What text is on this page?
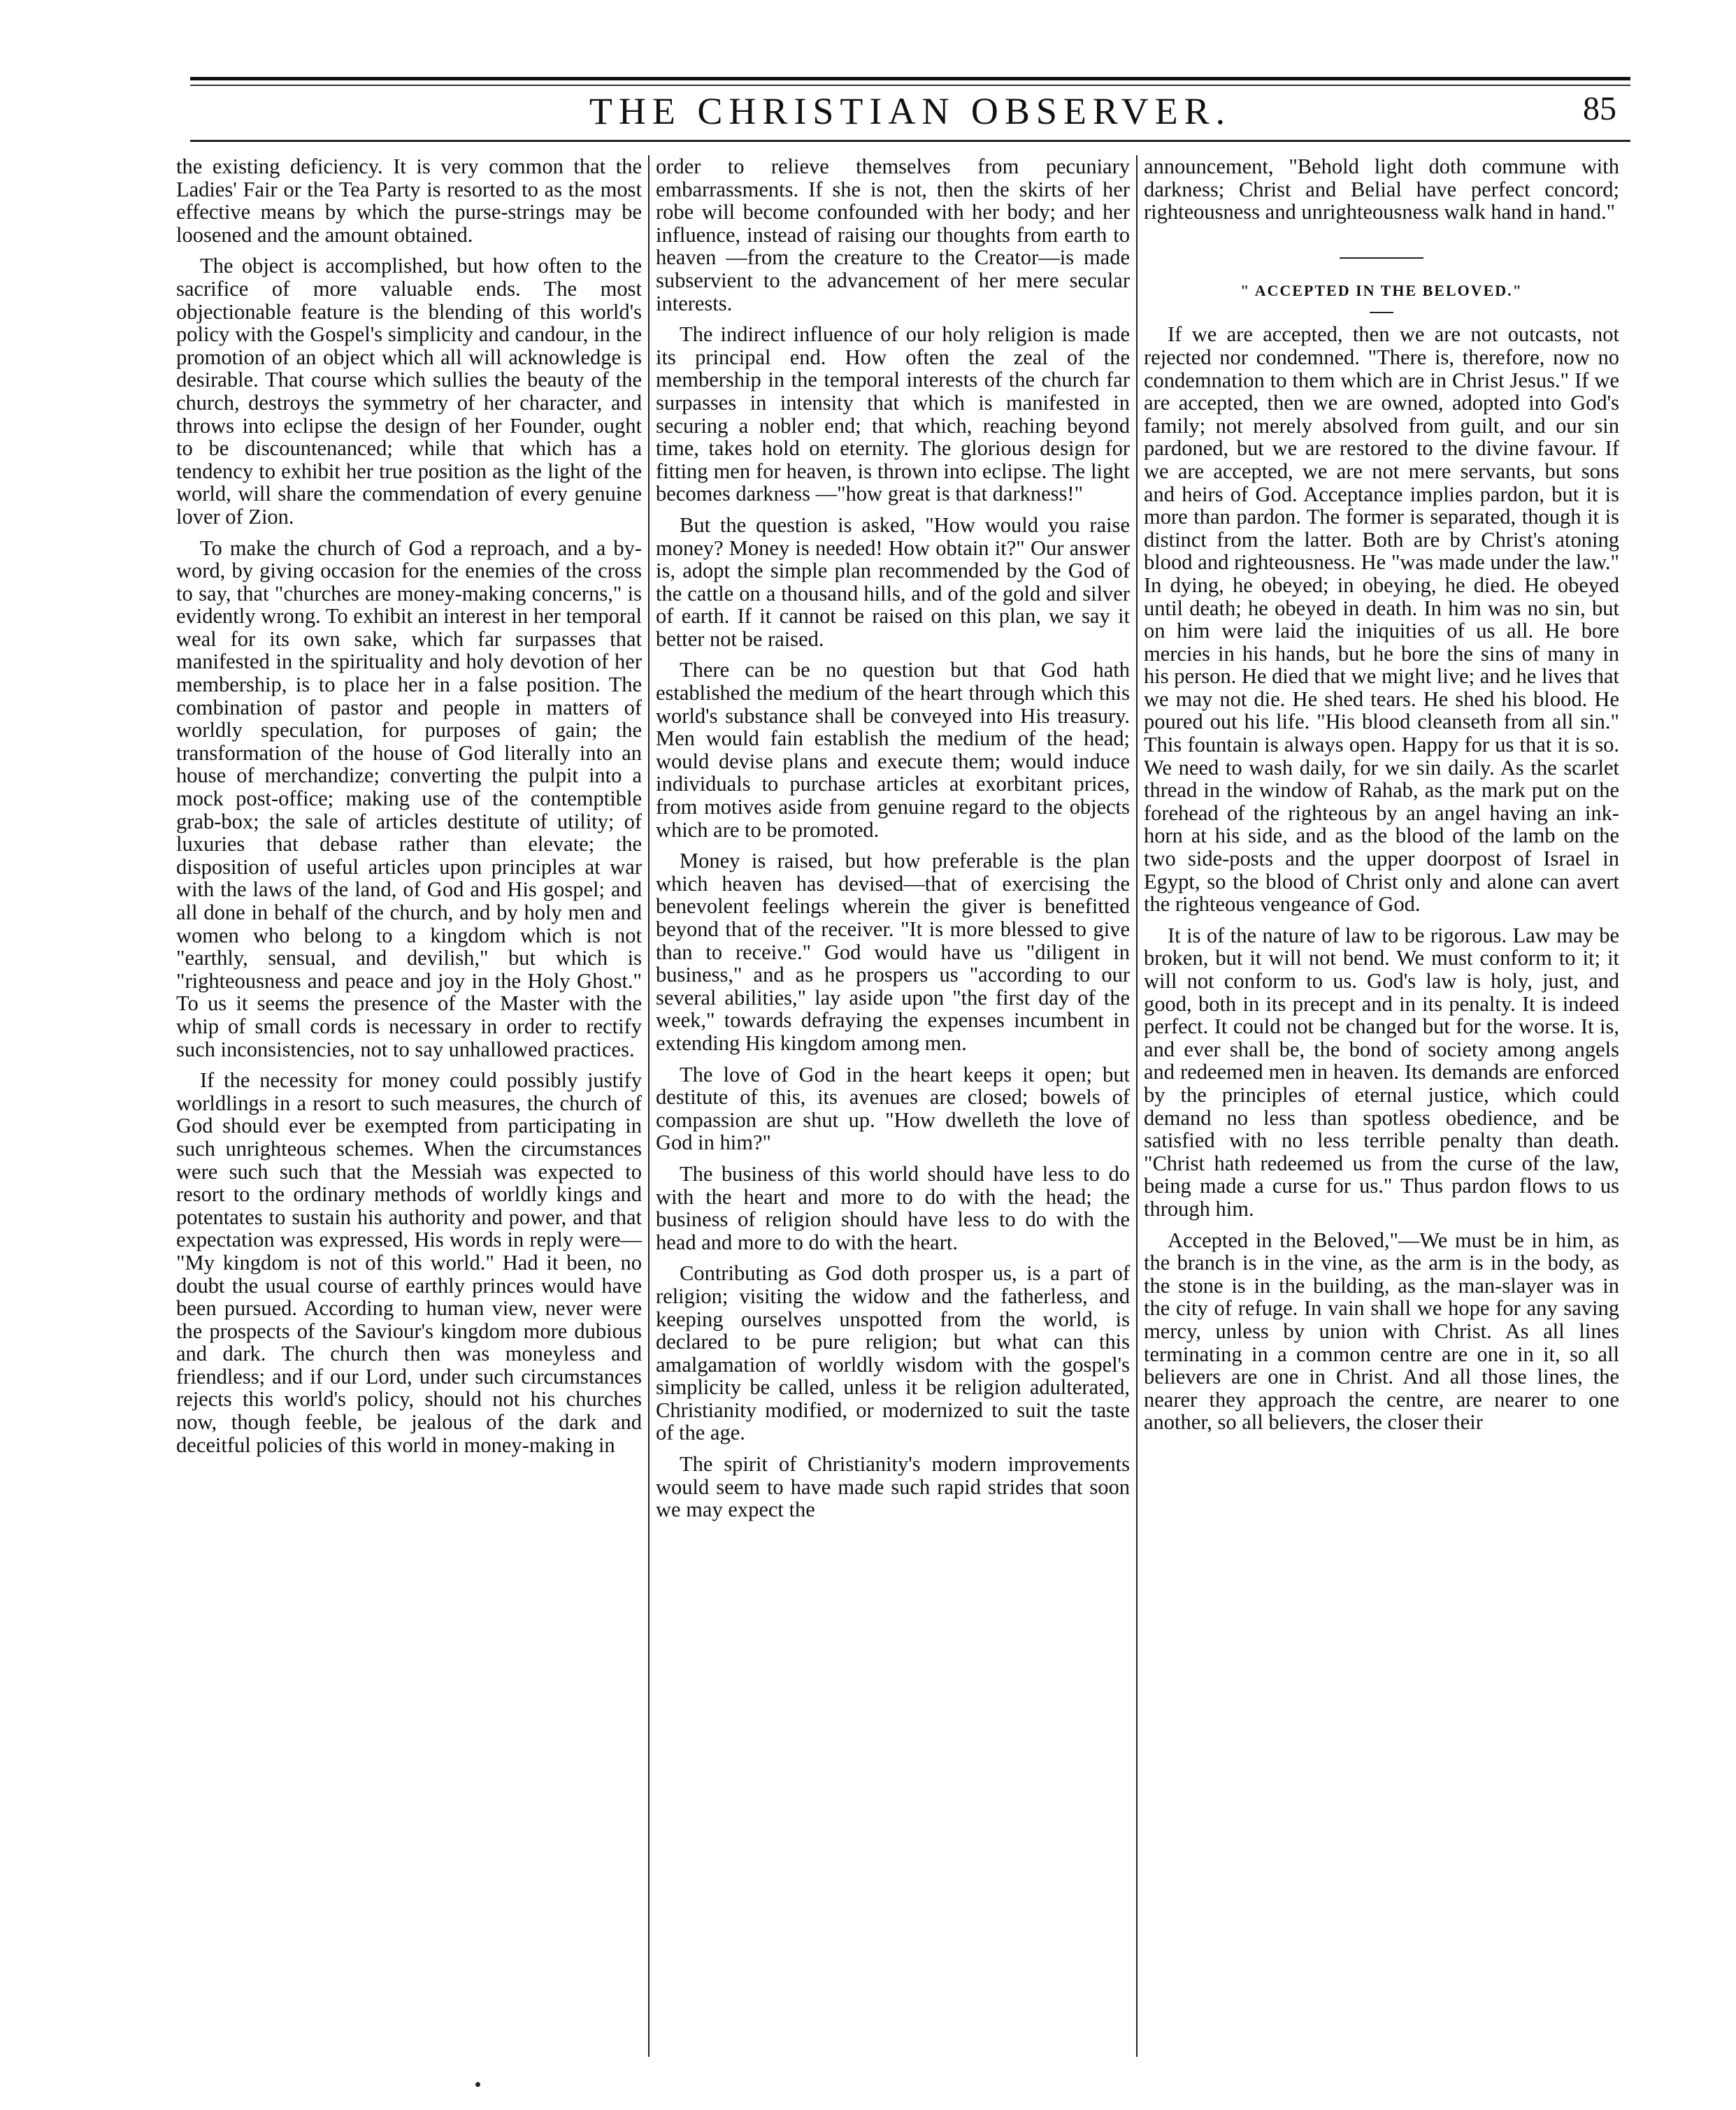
THE CHRISTIAN OBSERVER.	85

the existing deficiency. It is very common that the Ladies' Fair or the Tea Party is resorted to as the most effective means by which the purse-strings may be loosened and the amount obtained.

The object is accomplished, but how often to the sacrifice of more valuable ends. The most objectionable feature is the blending of this world's policy with the Gospel's simplicity and candour, in the promotion of an object which all will acknowledge is desirable. That course which sullies the beauty of the church, destroys the symmetry of her character, and throws into eclipse the design of her Founder, ought to be discountenanced; while that which has a tendency to exhibit her true position as the light of the world, will share the commendation of every genuine lover of Zion.

To make the church of God a reproach, and a by-word, by giving occasion for the enemies of the cross to say, that "churches are money-making concerns," is evidently wrong. To exhibit an interest in her temporal weal for its own sake, which far surpasses that manifested in the spirituality and holy devotion of her membership, is to place her in a false position. The combination of pastor and people in matters of worldly speculation, for purposes of gain; the transformation of the house of God literally into an house of merchandize; converting the pulpit into a mock post-office; making use of the contemptible grab-box; the sale of articles destitute of utility; of luxuries that debase rather than elevate; the disposition of useful articles upon principles at war with the laws of the land, of God and His gospel; and all done in behalf of the church, and by holy men and women who belong to a kingdom which is not "earthly, sensual, and devilish," but which is "righteousness and peace and joy in the Holy Ghost." To us it seems the presence of the Master with the whip of small cords is necessary in order to rectify such inconsistencies, not to say unhallowed practices.

If the necessity for money could possibly justify worldlings in a resort to such measures, the church of God should ever be exempted from participating in such unrighteous schemes. When the circumstances were such such that the Messiah was expected to resort to the ordinary methods of worldly kings and potentates to sustain his authority and power, and that expectation was expressed, His words in reply were— "My kingdom is not of this world." Had it been, no doubt the usual course of earthly princes would have been pursued. According to human view, never were the prospects of the Saviour's kingdom more dubious and dark. The church then was moneyless and friendless; and if our Lord, under such circumstances rejects this world's policy, should not his churches now, though feeble, be jealous of the dark and deceitful policies of this world in money-making in

order to relieve themselves from pecuniary embarrassments. If she is not, then the skirts of her robe will become confounded with her body; and her influence, instead of raising our thoughts from earth to heaven —from the creature to the Creator—is made subservient to the advancement of her mere secular interests.

The indirect influence of our holy religion is made its principal end. How often the zeal of the membership in the temporal interests of the church far surpasses in intensity that which is manifested in securing a nobler end; that which, reaching beyond time, takes hold on eternity. The glorious design for fitting men for heaven, is thrown into eclipse. The light becomes darkness —"how great is that darkness!"

But the question is asked, "How would you raise money? Money is needed! How obtain it?" Our answer is, adopt the simple plan recommended by the God of the cattle on a thousand hills, and of the gold and silver of earth. If it cannot be raised on this plan, we say it better not be raised.

There can be no question but that God hath established the medium of the heart through which this world's substance shall be conveyed into His treasury. Men would fain establish the medium of the head; would devise plans and execute them; would induce individuals to purchase articles at exorbitant prices, from motives aside from genuine regard to the objects which are to be promoted.

Money is raised, but how preferable is the plan which heaven has devised—that of exercising the benevolent feelings wherein the giver is benefitted beyond that of the receiver. "It is more blessed to give than to receive." God would have us "diligent in business," and as he prospers us "according to our several abilities," lay aside upon "the first day of the week," towards defraying the expenses incumbent in extending His kingdom among men.

The love of God in the heart keeps it open; but destitute of this, its avenues are closed; bowels of compassion are shut up. "How dwelleth the love of God in him?"

The business of this world should have less to do with the heart and more to do with the head; the business of religion should have less to do with the head and more to do with the heart.

Contributing as God doth prosper us, is a part of religion; visiting the widow and the fatherless, and keeping ourselves unspotted from the world, is declared to be pure religion; but what can this amalgamation of worldly wisdom with the gospel's simplicity be called, unless it be religion adulterated, Christianity modified, or modernized to suit the taste of the age.

The spirit of Christianity's modern improvements would seem to have made such rapid strides that soon we may expect the

announcement, "Behold light doth commune with darkness; Christ and Belial have perfect concord; righteousness and unrighteousness walk hand in hand."

" ACCEPTED IN THE BELOVED."

If we are accepted, then we are not outcasts, not rejected nor condemned. "There is, therefore, now no condemnation to them which are in Christ Jesus." If we are accepted, then we are owned, adopted into God's family; not merely absolved from guilt, and our sin pardoned, but we are restored to the divine favour. If we are accepted, we are not mere servants, but sons and heirs of God. Acceptance implies pardon, but it is more than pardon. The former is separated, though it is distinct from the latter. Both are by Christ's atoning blood and righteousness. He "was made under the law." In dying, he obeyed; in obeying, he died. He obeyed until death; he obeyed in death. In him was no sin, but on him were laid the iniquities of us all. He bore mercies in his hands, but he bore the sins of many in his person. He died that we might live; and he lives that we may not die. He shed tears. He shed his blood. He poured out his life. "His blood cleanseth from all sin." This fountain is always open. Happy for us that it is so. We need to wash daily, for we sin daily. As the scarlet thread in the window of Rahab, as the mark put on the forehead of the righteous by an angel having an ink-horn at his side, and as the blood of the lamb on the two side-posts and the upper doorpost of Israel in Egypt, so the blood of Christ only and alone can avert the righteous vengeance of God.

It is of the nature of law to be rigorous. Law may be broken, but it will not bend. We must conform to it; it will not conform to us. God's law is holy, just, and good, both in its precept and in its penalty. It is indeed perfect. It could not be changed but for the worse. It is, and ever shall be, the bond of society among angels and redeemed men in heaven. Its demands are enforced by the principles of eternal justice, which could demand no less than spotless obedience, and be satisfied with no less terrible penalty than death. "Christ hath redeemed us from the curse of the law, being made a curse for us." Thus pardon flows to us through him.

Accepted in the Beloved,"—We must be in him, as the branch is in the vine, as the arm is in the body, as the stone is in the building, as the man-slayer was in the city of refuge. In vain shall we hope for any saving mercy, unless by union with Christ. As all lines terminating in a common centre are one in it, so all believers are one in Christ. And all those lines, the nearer they approach the centre, are nearer to one another, so all believers, the closer their
